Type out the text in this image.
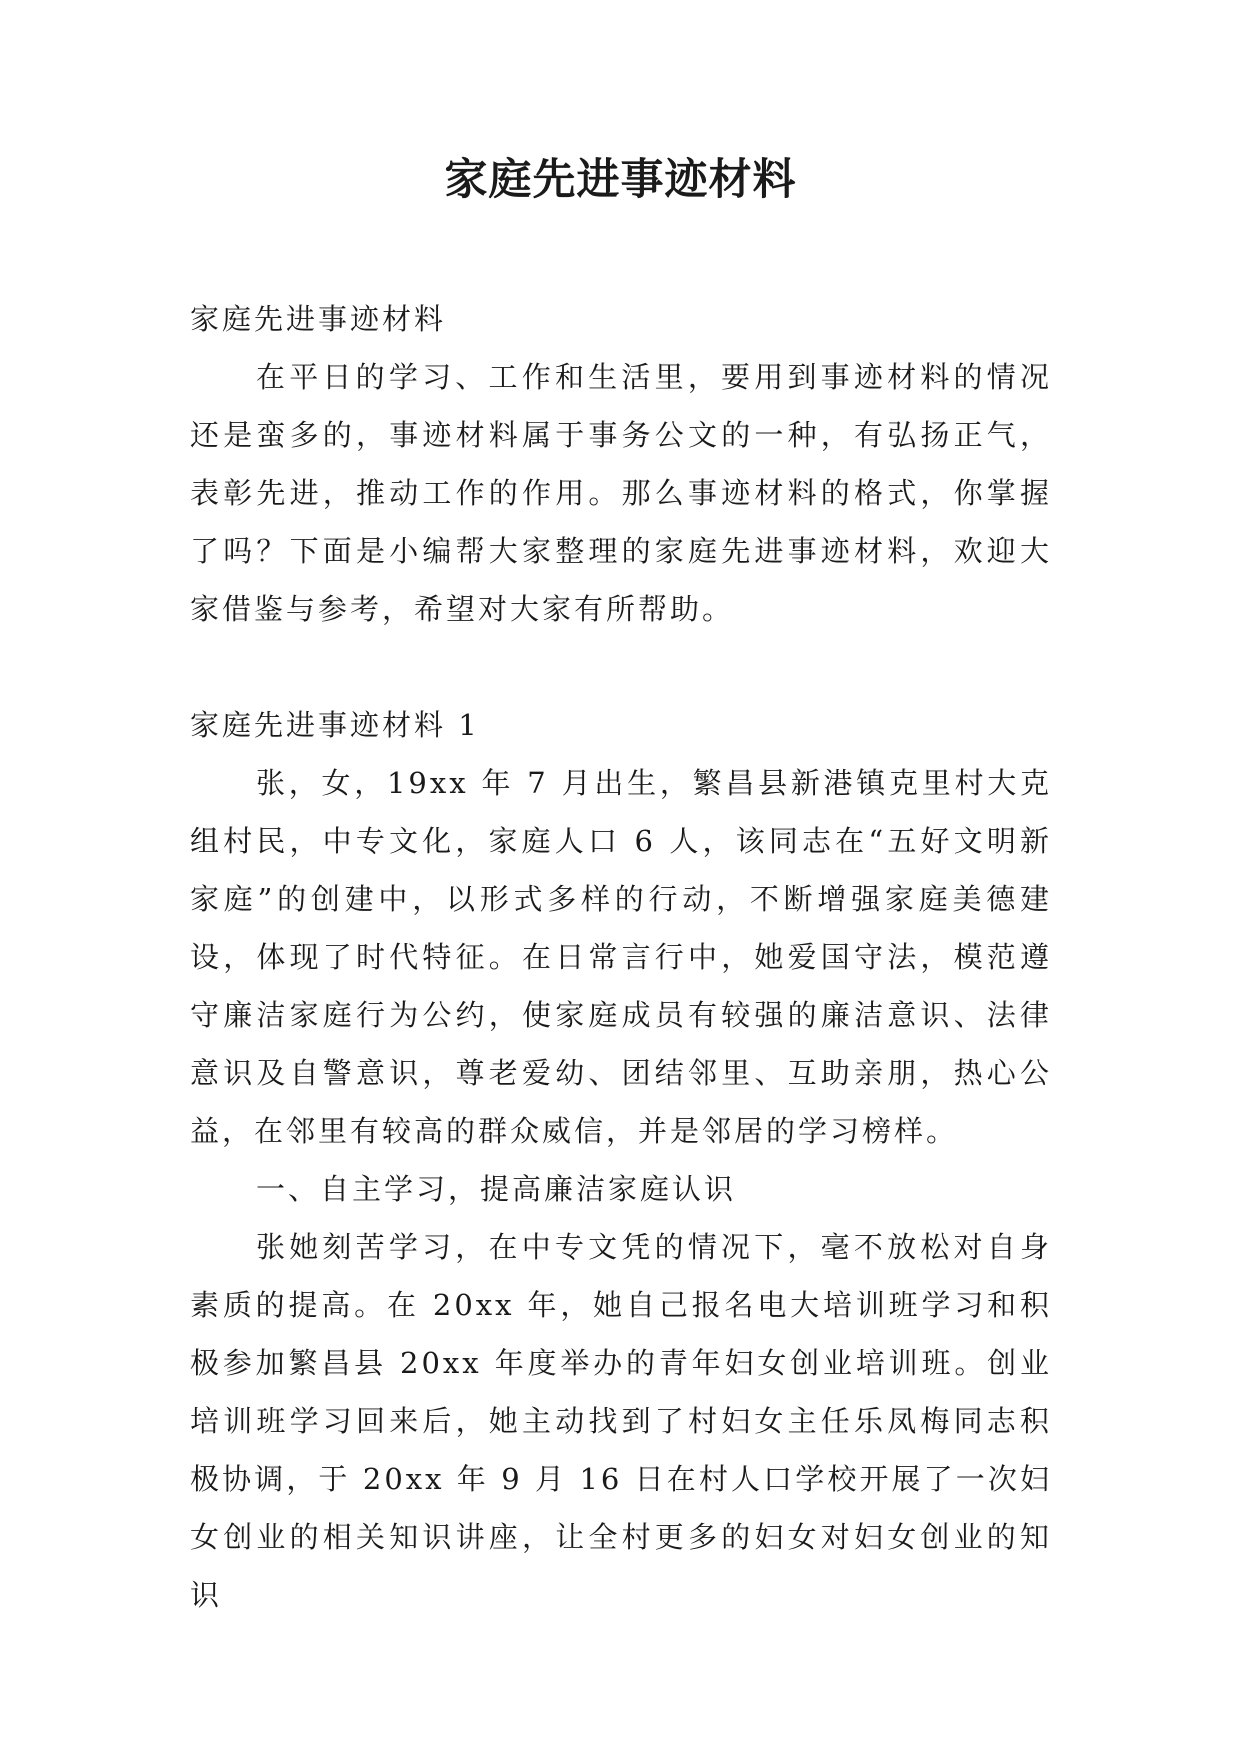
家庭先进事迹材料

家庭先进事迹材料

在平日的学习、工作和生活里，要用到事迹材料的情况还是蛮多的，事迹材料属于事务公文的一种，有弘扬正气，表彰先进，推动工作的作用。那么事迹材料的格式，你掌握了吗？下面是小编帮大家整理的家庭先进事迹材料，欢迎大家借鉴与参考，希望对大家有所帮助。

家庭先进事迹材料 1

张，女，19xx 年 7 月出生，繁昌县新港镇克里村大克组村民，中专文化，家庭人口 6 人，该同志在“五好文明新家庭”的创建中，以形式多样的行动，不断增强家庭美德建设，体现了时代特征。在日常言行中，她爱国守法，模范遵守廉洁家庭行为公约，使家庭成员有较强的廉洁意识、法律意识及自警意识，尊老爱幼、团结邻里、互助亲朋，热心公益，在邻里有较高的群众威信，并是邻居的学习榜样。

一、自主学习，提高廉洁家庭认识

张她刻苦学习，在中专文凭的情况下，毫不放松对自身素质的提高。在 20xx 年，她自己报名电大培训班学习和积极参加繁昌县 20xx 年度举办的青年妇女创业培训班。创业培训班学习回来后，她主动找到了村妇女主任乐凤梅同志积极协调，于 20xx 年 9 月 16 日在村人口学校开展了一次妇女创业的相关知识讲座，让全村更多的妇女对妇女创业的知识
